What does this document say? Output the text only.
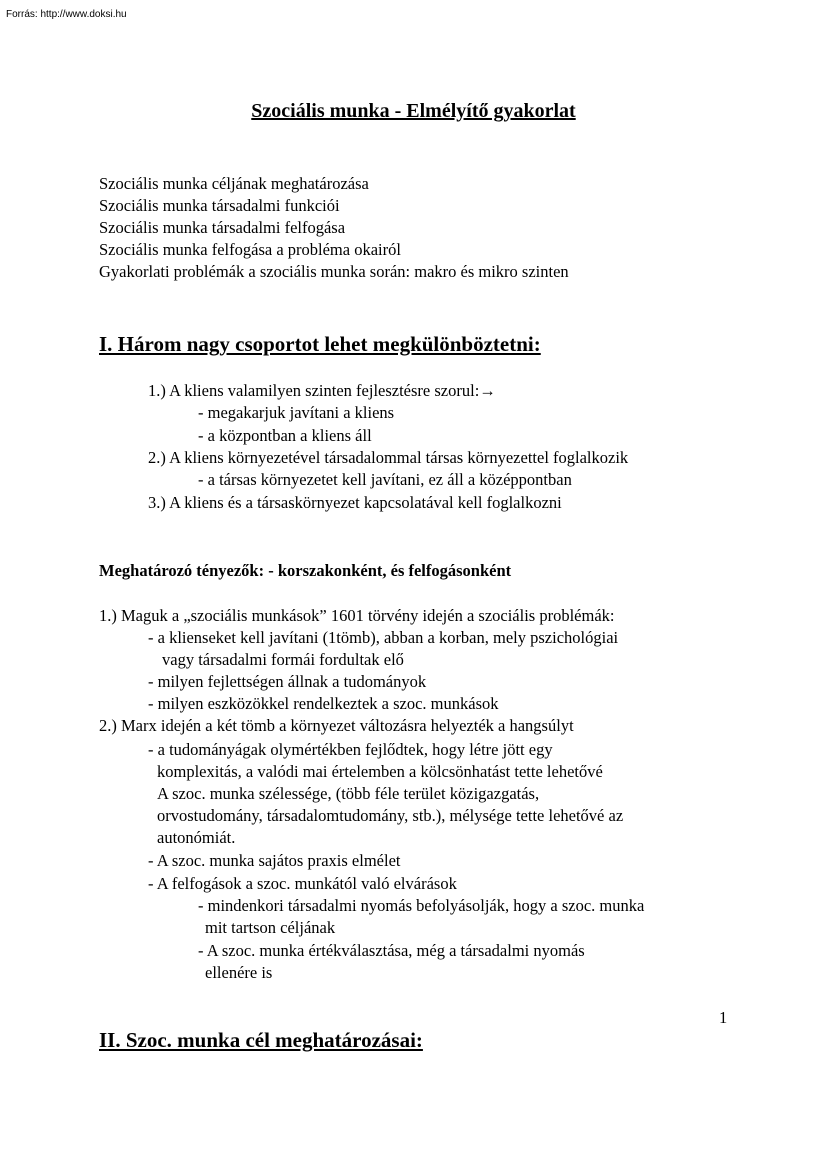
Forrás: http://www.doksi.hu
Szociális munka - Elmélyítő gyakorlat
Szociális munka céljának meghatározása
Szociális munka társadalmi funkciói
Szociális munka társadalmi felfogása
Szociális munka felfogása a probléma okairól
Gyakorlati problémák a szociális munka során: makro és mikro szinten
I. Három nagy csoportot lehet megkülönböztetni:
1.) A kliens valamilyen szinten fejlesztésre szorul:→
- megakarjuk javítani a kliens
- a központban a kliens áll
2.) A kliens környezetével társadalommal társas környezettel foglalkozik
- a társas környezetet kell javítani, ez áll a középpontban
3.) A kliens és a társaskörnyezet kapcsolatával kell foglalkozni
Meghatározó tényezők: - korszakonként, és felfogásonként
1.) Maguk a „szociális munkások” 1601 törvény idején a szociális problémák:
- a klienseket kell javítani (1tömb), abban a korban, mely pszichológiai
vagy társadalmi formái fordultak elő
- milyen fejlettségen állnak a tudományok
- milyen eszközökkel rendelkeztek a szoc. munkások
2.) Marx idején a két tömb a környezet változásra helyezték a hangsúlyt
- a tudományágak olymértékben fejlődtek, hogy létre jött egy
komplexitás, a valódi mai értelemben a kölcsönhatást tette lehetővé
A szoc. munka szélessége, (több féle terület közigazgatás,
orvostudomány, társadalomtudomány, stb.), mélysége tette lehetővé az
autonómiát.
- A szoc. munka sajátos praxis elmélet
- A felfogások a szoc. munkától való elvárások
- mindenkori társadalmi nyomás befolyásolják, hogy a szoc. munka
mit tartson céljának
- A szoc. munka értékválasztása, még a társadalmi nyomás
ellenére is
1
II. Szoc. munka cél meghatározásai:
